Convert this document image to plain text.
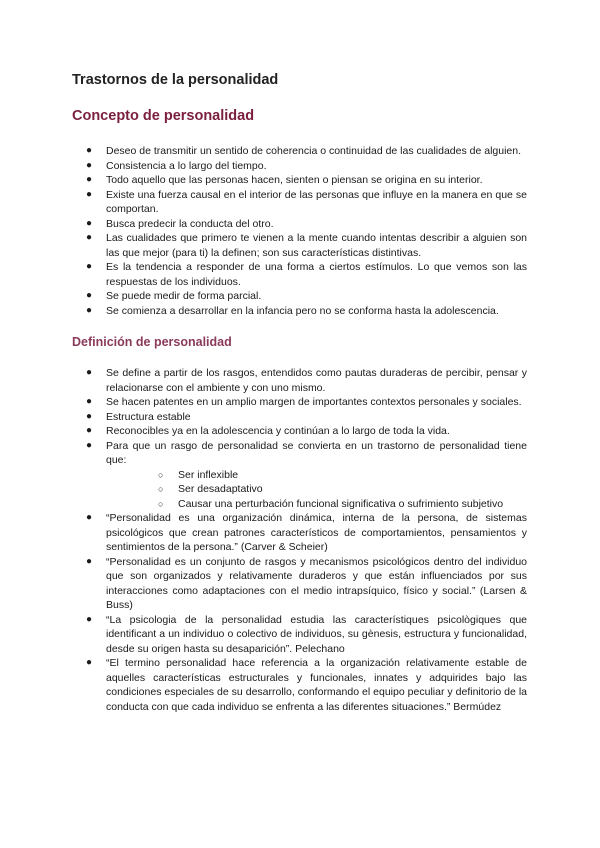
Trastornos de la personalidad
Concepto de personalidad
● Deseo de transmitir un sentido de coherencia o continuidad de las cualidades de alguien.
● Consistencia a lo largo del tiempo.
● Todo aquello que las personas hacen, sienten o piensan se origina en su interior.
● Existe una fuerza causal en el interior de las personas que influye en la manera en que se comportan.
● Busca predecir la conducta del otro.
● Las cualidades que primero te vienen a la mente cuando intentas describir a alguien son las que mejor (para ti) la definen; son sus características distintivas.
● Es la tendencia a responder de una forma a ciertos estímulos. Lo que vemos son las respuestas de los individuos.
● Se puede medir de forma parcial.
● Se comienza a desarrollar en la infancia pero no se conforma hasta la adolescencia.
Definición de personalidad
● Se define a partir de los rasgos, entendidos como pautas duraderas de percibir, pensar y relacionarse con el ambiente y con uno mismo.
● Se hacen patentes en un amplio margen de importantes contextos personales y sociales.
● Estructura estable
● Reconocibles ya en la adolescencia y continúan a lo largo de toda la vida.
● Para que un rasgo de personalidad se convierta en un trastorno de personalidad tiene que:
○ Ser inflexible
○ Ser desadaptativo
○ Causar una perturbación funcional significativa o sufrimiento subjetivo
● “Personalidad es una organización dinámica, interna de la persona, de sistemas psicológicos que crean patrones característicos de comportamientos, pensamientos y sentimientos de la persona.” (Carver & Scheier)
● “Personalidad es un conjunto de rasgos y mecanismos psicológicos dentro del individuo que son organizados y relativamente duraderos y que están influenciados por sus interacciones como adaptaciones con el medio intrapsíquico, físico y social.” (Larsen & Buss)
● “La psicologia de la personalidad estudia las característiques psicològiques que identificant a un individuo o colectivo de individuos, su gènesis, estructura y funcionalidad, desde su origen hasta su desaparición”. Pelechano
● “El termino personalidad hace referencia a la organización relativamente estable de aquelles características estructurales y funcionales, innates y adquirides bajo las condiciones especiales de su desarrollo, conformando el equipo peculiar y definitorio de la conducta con que cada individuo se enfrenta a las diferentes situaciones.” Bermúdez
